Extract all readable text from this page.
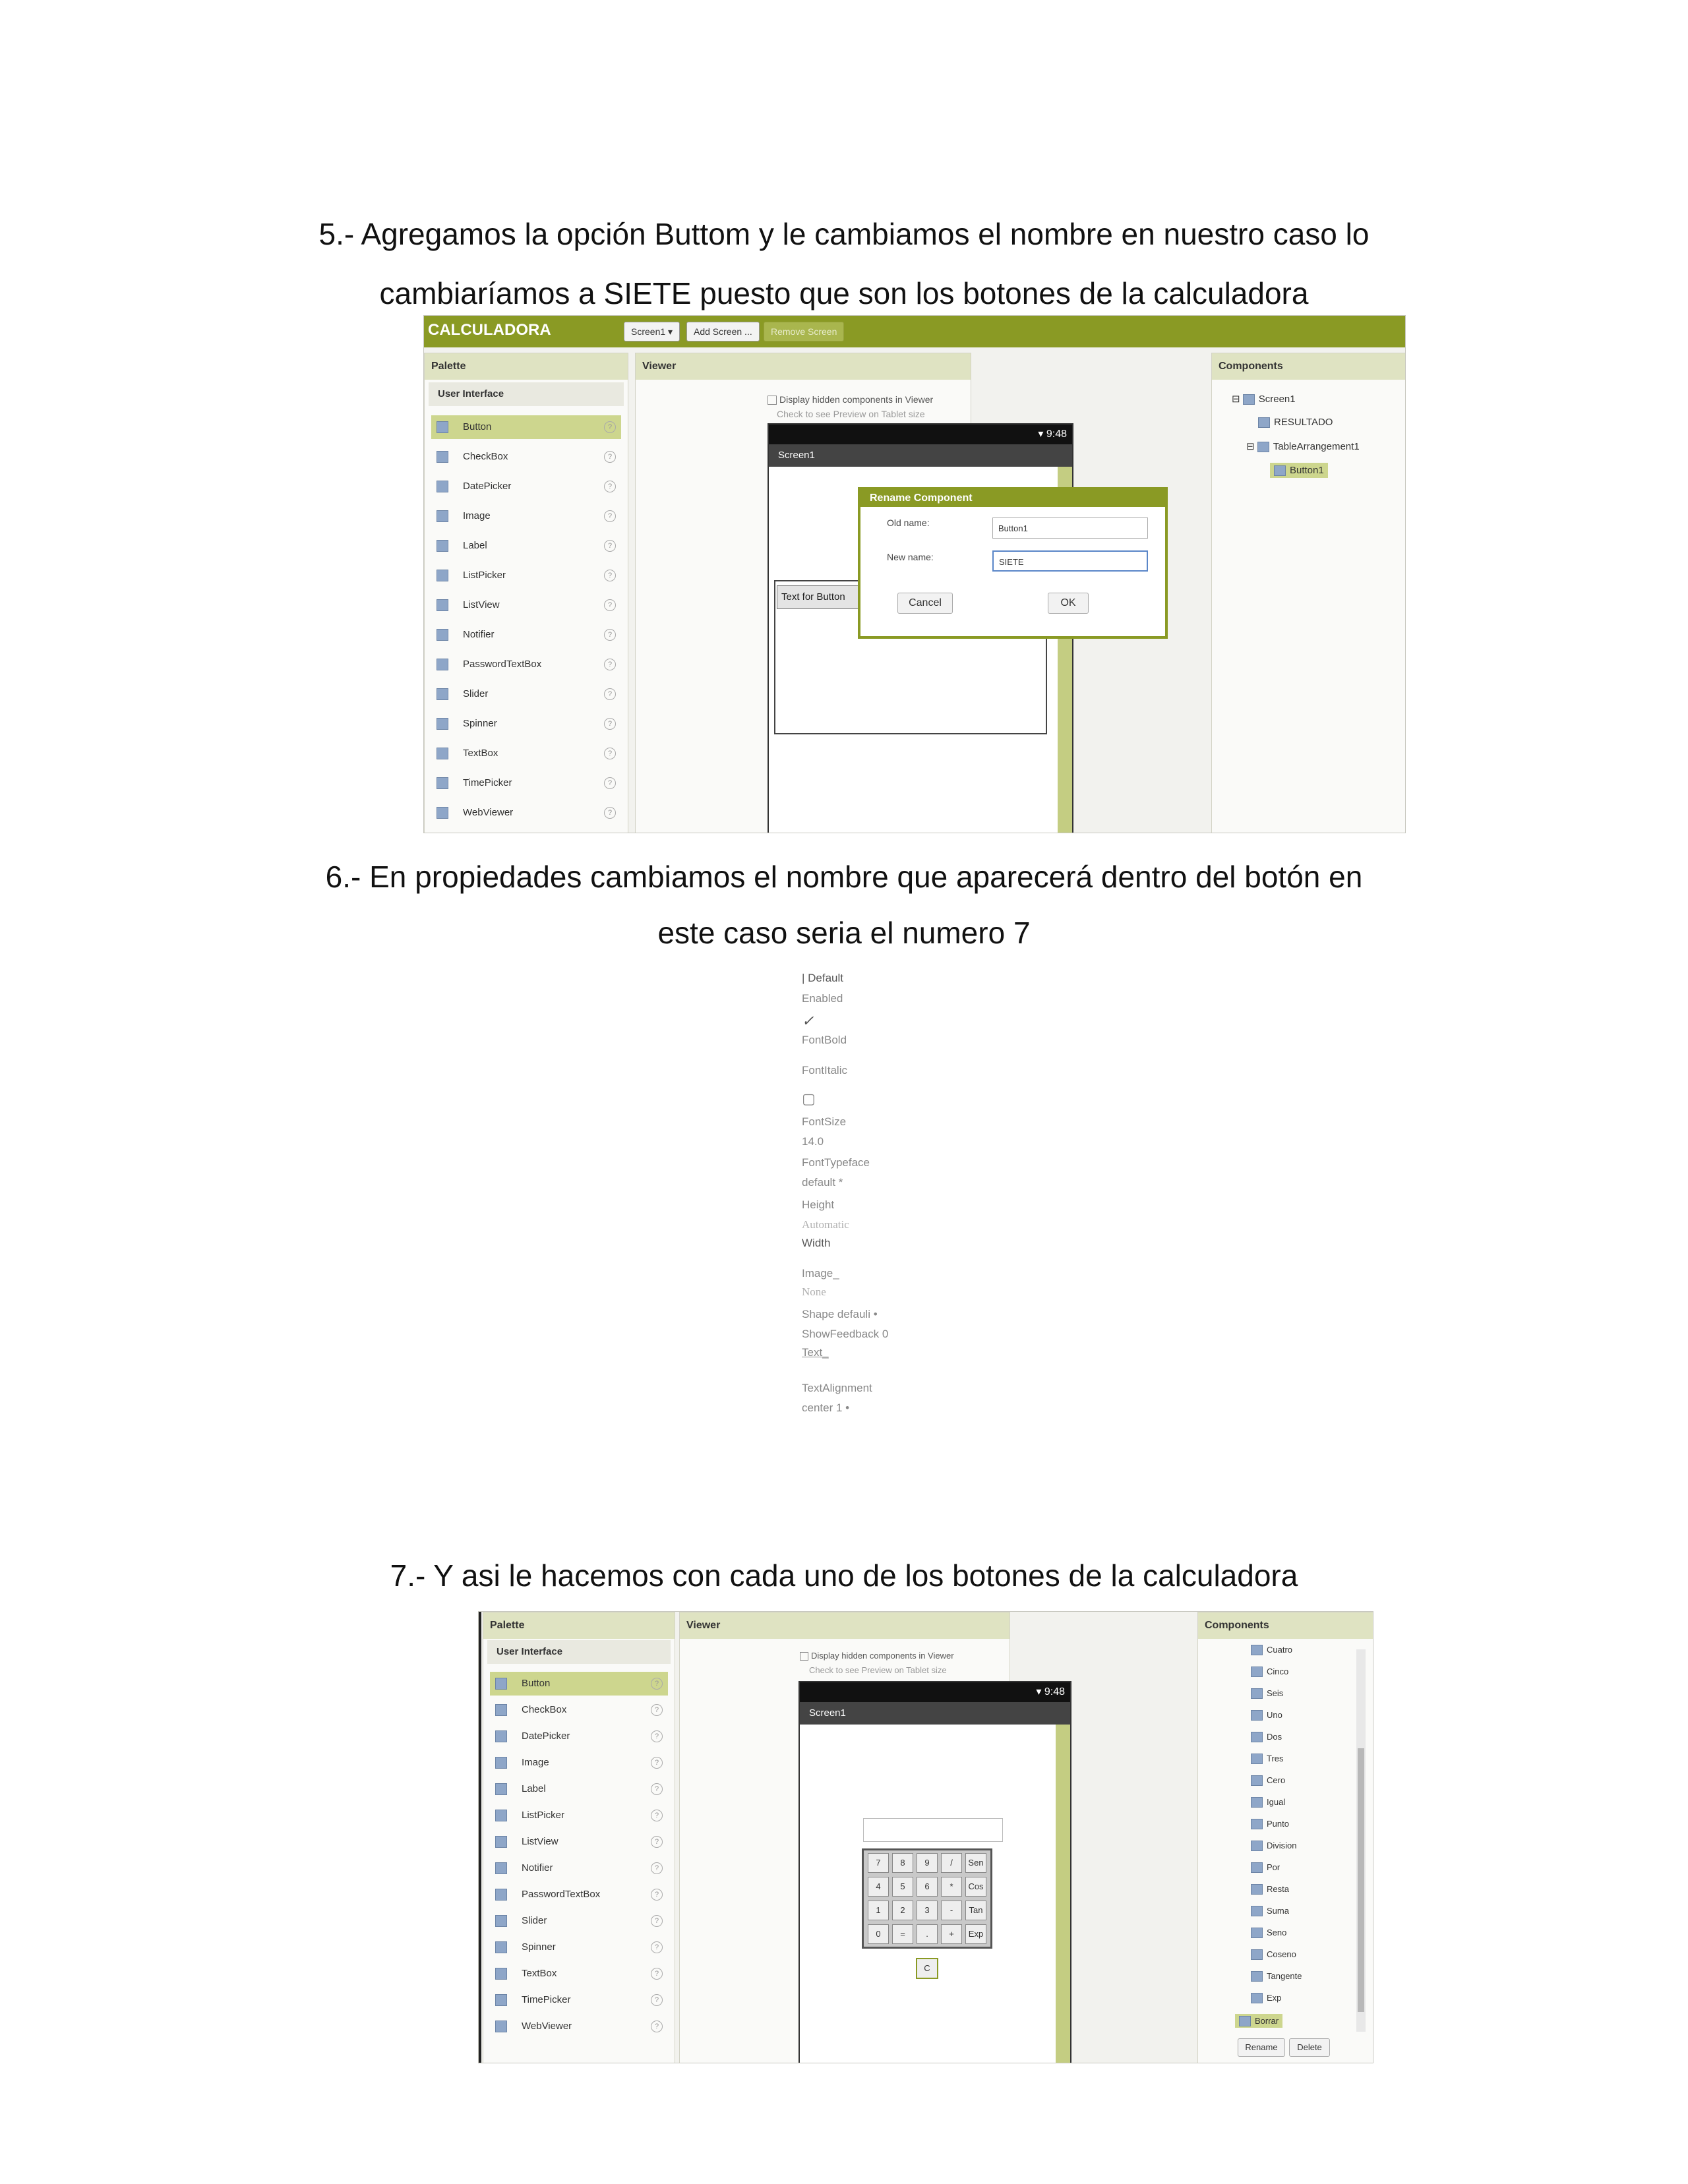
5.- Agregamos la opción Buttom y le cambiamos el nombre en nuestro caso lo
cambiaríamos a SIETE puesto que son los botones de la calculadora
CALCULADORA	Screen1 ▾	Add Screen ...	Remove Screen
Palette
User Interface
Button	?
CheckBox	?
DatePicker	?
Image	?
Label	?
ListPicker	?
ListView	?
Notifier	?
PasswordTextBox	?
Slider	?
Spinner	?
TextBox	?
TimePicker	?
WebViewer	?
Viewer
Display hidden components in Viewer
Check to see Preview on Tablet size
▾ 9:48
Screen1
Text for Button
Rename Component
Old name:
Button1
New name:	SIETE
Cancel	OK
Components
⊟ Screen1
RESULTADO
⊟ TableArrangement1
Button1
6.- En propiedades cambiamos el nombre que aparecerá dentro del botón en
este caso seria el numero 7
| Default
Enabled
✓
FontBold
FontItalic
▢
FontSize
14.0
FontTypeface
default *
Height
Automatic
Width
Image_
None
Shape defauli •
ShowFeedback 0
Text_
TextAlignment
center 1 •
7.- Y asi le hacemos con cada uno de los botones de la calculadora
Palette
User Interface
Button	?
CheckBox	?
DatePicker	?
Image	?
Label	?
ListPicker	?
ListView	?
Notifier	?
PasswordTextBox	?
Slider	?
Spinner	?
TextBox	?
TimePicker	?
WebViewer	?
Viewer
Display hidden components in Viewer
Check to see Preview on Tablet size
▾ 9:48
Screen1
7	8	9	/	Sen
4	5	6	*	Cos
1	2	3	-	Tan
0	=	.	+	Exp
C
Components
Cuatro
Cinco
Seis
Uno
Dos
Tres
Cero
Igual
Punto
Division
Por
Resta
Suma
Seno
Coseno
Tangente
Exp
Borrar
Rename	Delete
